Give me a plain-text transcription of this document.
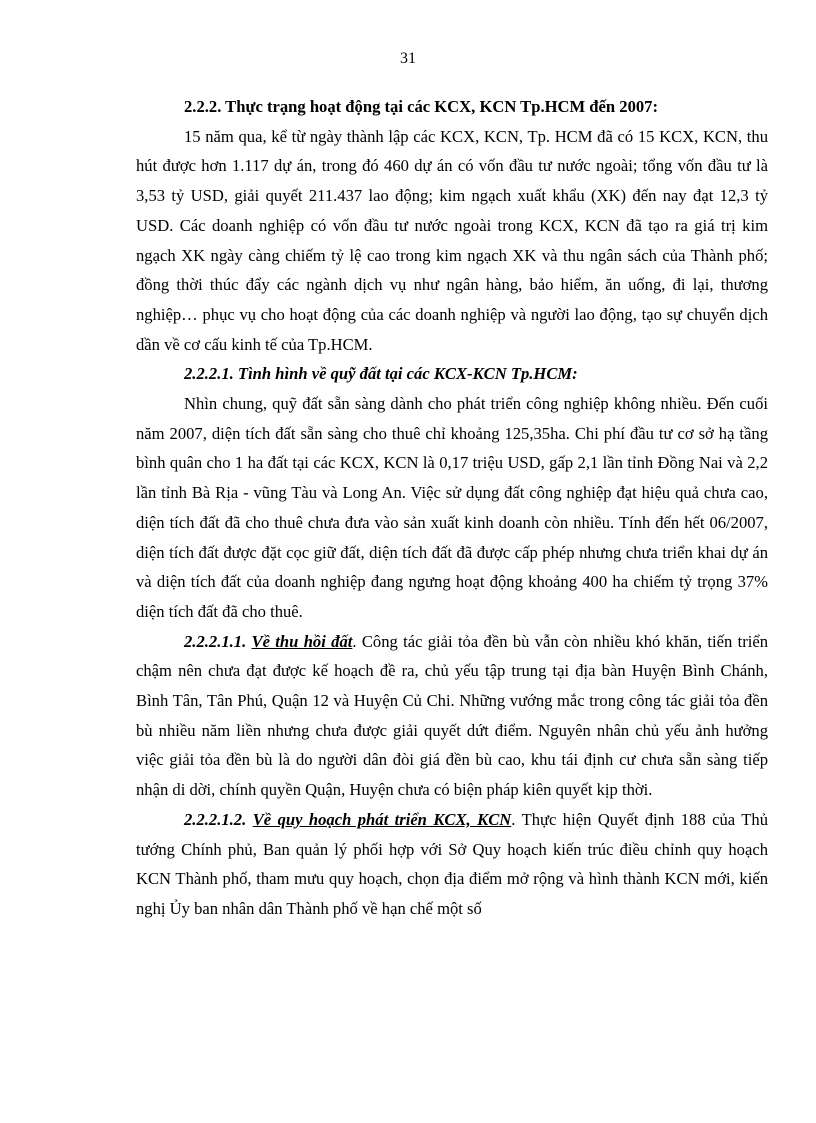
31

2.2.2. Thực trạng hoạt động tại các KCX, KCN Tp.HCM đến 2007:

15 năm qua, kể từ ngày thành lập các KCX, KCN, Tp. HCM đã có 15 KCX, KCN, thu hút được hơn 1.117 dự án, trong đó 460 dự án có vốn đầu tư nước ngoài; tổng vốn đầu tư là 3,53 tỷ USD, giải quyết 211.437 lao động; kim ngạch xuất khẩu (XK) đến nay đạt 12,3 tỷ USD. Các doanh nghiệp có vốn đầu tư nước ngoài trong KCX, KCN đã tạo ra giá trị kim ngạch XK ngày càng chiếm tỷ lệ cao trong kim ngạch XK và thu ngân sách của Thành phố; đồng thời thúc đẩy các ngành dịch vụ như ngân hàng, bảo hiểm, ăn uống, đi lại, thương nghiệp… phục vụ cho hoạt động của các doanh nghiệp và người lao động, tạo sự chuyển dịch dần về cơ cấu kinh tế của Tp.HCM.

2.2.2.1. Tình hình về quỹ đất tại các KCX-KCN Tp.HCM:

Nhìn chung, quỹ đất sẵn sàng dành cho phát triển công nghiệp không nhiều. Đến cuối năm 2007, diện tích đất sẵn sàng cho thuê chỉ khoảng 125,35ha. Chi phí đầu tư cơ sở hạ tầng bình quân cho 1 ha đất tại các KCX, KCN là 0,17 triệu USD, gấp 2,1 lần tỉnh Đồng Nai và 2,2 lần tỉnh Bà Rịa - vũng Tàu và Long An. Việc sử dụng đất công nghiệp đạt hiệu quả chưa cao, diện tích đất đã cho thuê chưa đưa vào sản xuất kinh doanh còn nhiều. Tính đến hết 06/2007, diện tích đất được đặt cọc giữ đất, diện tích đất đã được cấp phép nhưng chưa triển khai dự án và diện tích đất của doanh nghiệp đang ngưng hoạt động khoảng 400 ha chiếm tỷ trọng 37% diện tích đất đã cho thuê.

2.2.2.1.1. Về thu hồi đất. Công tác giải tỏa đền bù vẫn còn nhiều khó khăn, tiến triển chậm nên chưa đạt được kế hoạch đề ra, chủ yếu tập trung tại địa bàn Huyện Bình Chánh, Bình Tân, Tân Phú, Quận 12 và Huyện Củ Chi. Những vướng mắc trong công tác giải tỏa đền bù nhiều năm liền nhưng chưa được giải quyết dứt điểm. Nguyên nhân chủ yếu ảnh hưởng việc giải tỏa đền bù là do người dân đòi giá đền bù cao, khu tái định cư chưa sẵn sàng tiếp nhận di dời, chính quyền Quận, Huyện chưa có biện pháp kiên quyết kịp thời.

2.2.2.1.2. Về quy hoạch phát triển KCX, KCN. Thực hiện Quyết định 188 của Thủ tướng Chính phủ, Ban quản lý phối hợp với Sở Quy hoạch kiến trúc điều chỉnh quy hoạch KCN Thành phố, tham mưu quy hoạch, chọn địa điểm mở rộng và hình thành KCN mới, kiến nghị Ủy ban nhân dân Thành phố về hạn chế một số
